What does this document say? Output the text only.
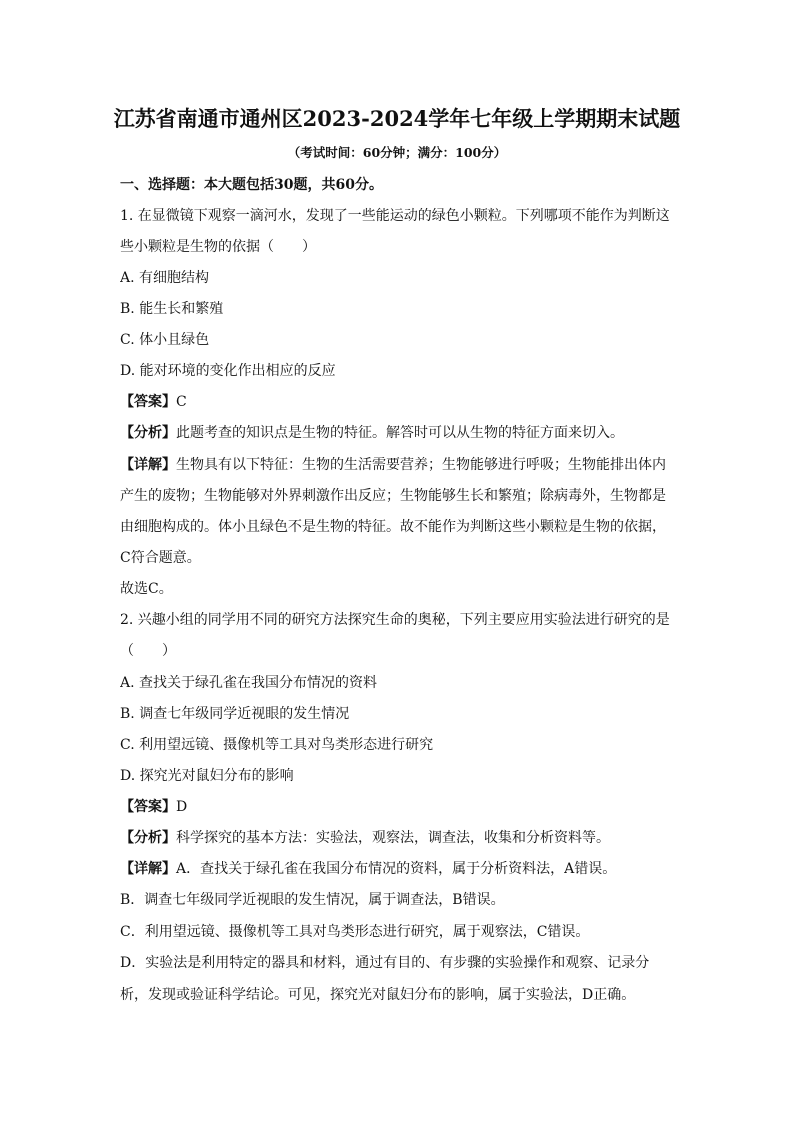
江苏省南通市通州区2023-2024学年七年级上学期期末试题
（考试时间：60分钟；满分：100分）
一、选择题：本大题包括30题，共60分。
1. 在显微镜下观察一滴河水，发现了一些能运动的绿色小颗粒。下列哪项不能作为判断这
些小颗粒是生物的依据（　　）
A. 有细胞结构
B. 能生长和繁殖
C. 体小且绿色
D. 能对环境的变化作出相应的反应
【答案】C
【分析】此题考查的知识点是生物的特征。解答时可以从生物的特征方面来切入。
【详解】生物具有以下特征：生物的生活需要营养；生物能够进行呼吸；生物能排出体内
产生的废物；生物能够对外界刺激作出反应；生物能够生长和繁殖；除病毒外，生物都是
由细胞构成的。体小且绿色不是生物的特征。故不能作为判断这些小颗粒是生物的依据，
C符合题意。
故选C。
2. 兴趣小组的同学用不同的研究方法探究生命的奥秘，下列主要应用实验法进行研究的是
（　　）
A. 查找关于绿孔雀在我国分布情况的资料
B. 调查七年级同学近视眼的发生情况
C. 利用望远镜、摄像机等工具对鸟类形态进行研究
D. 探究光对鼠妇分布的影响
【答案】D
【分析】科学探究的基本方法：实验法，观察法，调查法，收集和分析资料等。
【详解】A．查找关于绿孔雀在我国分布情况的资料，属于分析资料法，A错误。
B．调查七年级同学近视眼的发生情况，属于调查法，B错误。
C．利用望远镜、摄像机等工具对鸟类形态进行研究，属于观察法，C错误。
D．实验法是利用特定的器具和材料，通过有目的、有步骤的实验操作和观察、记录分
析，发现或验证科学结论。可见，探究光对鼠妇分布的影响，属于实验法，D正确。
